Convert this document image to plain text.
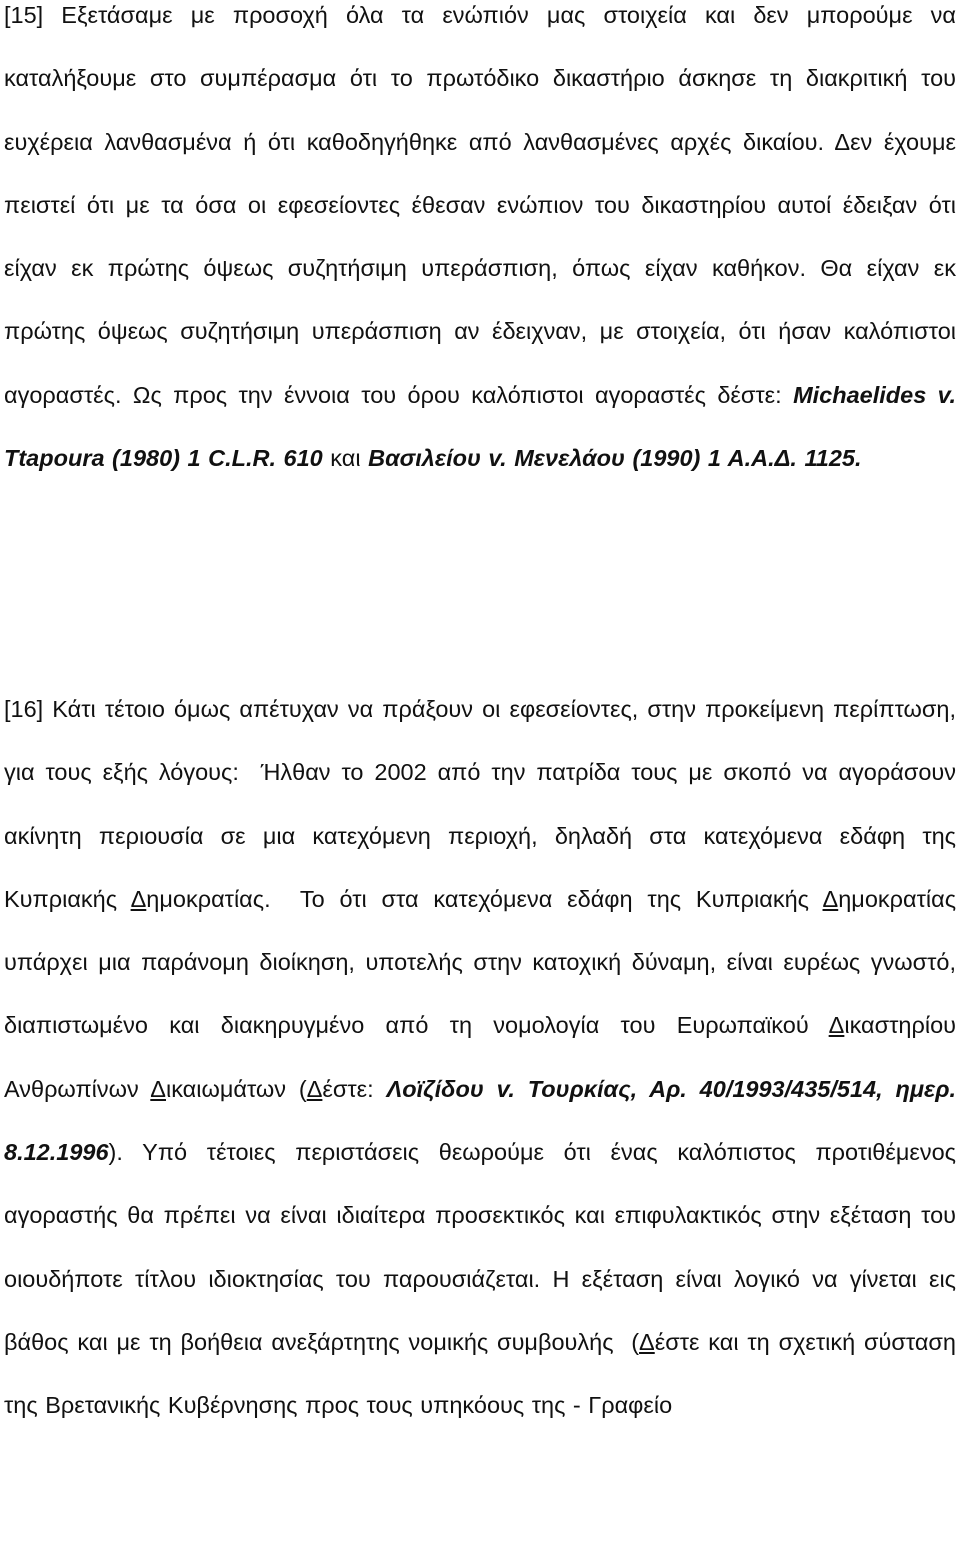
[15] Εξετάσαμε με προσοχή όλα τα ενώπιόν μας στοιχεία και δεν μπορούμε να καταλήξουμε στο συμπέρασμα ότι το πρωτόδικο δικαστήριο άσκησε τη διακριτική του ευχέρεια λανθασμένα ή ότι καθοδηγήθηκε από λανθασμένες αρχές δικαίου. Δεν έχουμε πειστεί ότι με τα όσα οι εφεσείοντες έθεσαν ενώπιον του δικαστηρίου αυτοί έδειξαν ότι είχαν εκ πρώτης όψεως συζητήσιμη υπεράσπιση, όπως είχαν καθήκον. Θα είχαν εκ πρώτης όψεως συζητήσιμη υπεράσπιση αν έδειχναν, με στοιχεία, ότι ήσαν καλόπιστοι αγοραστές. Ως προς την έννοια του όρου καλόπιστοι αγοραστές δέστε: Michaelides v. Ttapoura (1980) 1 C.L.R. 610 και Βασιλείου v. Μενελάου (1990) 1 Α.Α.Δ. 1125.

[16] Κάτι τέτοιο όμως απέτυχαν να πράξουν οι εφεσείοντες, στην προκείμενη περίπτωση, για τους εξής λόγους: Ήλθαν το 2002 από την πατρίδα τους με σκοπό να αγοράσουν ακίνητη περιουσία σε μια κατεχόμενη περιοχή, δηλαδή στα κατεχόμενα εδάφη της Κυπριακής Δημοκρατίας. Το ότι στα κατεχόμενα εδάφη της Κυπριακής Δημοκρατίας υπάρχει μια παράνομη διοίκηση, υποτελής στην κατοχική δύναμη, είναι ευρέως γνωστό, διαπιστωμένο και διακηρυγμένο από τη νομολογία του Ευρωπαϊκού Δικαστηρίου Ανθρωπίνων Δικαιωμάτων (Δέστε: Λοϊζίδου v. Τουρκίας, Αρ. 40/1993/435/514, ημερ. 8.12.1996). Υπό τέτοιες περιστάσεις θεωρούμε ότι ένας καλόπιστος προτιθέμενος αγοραστής θα πρέπει να είναι ιδιαίτερα προσεκτικός και επιφυλακτικός στην εξέταση του οιουδήποτε τίτλου ιδιοκτησίας του παρουσιάζεται. Η εξέταση είναι λογικό να γίνεται εις βάθος και με τη βοήθεια ανεξάρτητης νομικής συμβουλής (Δέστε και τη σχετική σύσταση της Βρετανικής Κυβέρνησης προς τους υπηκόους της - Γραφείο
